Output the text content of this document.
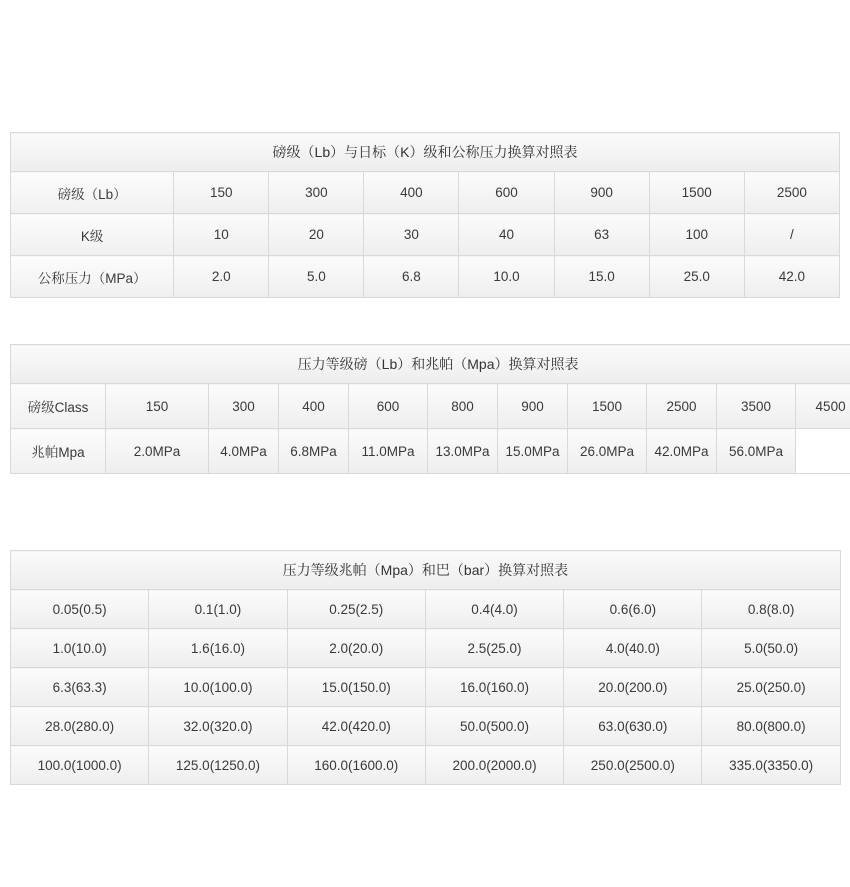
磅级（Lb）与日标（K）级和公称压力换算对照表							
磅级（Lb）	150	300	400	600	900	1500	2500
K级	10	20	30	40	63	100	/
公称压力（MPa）	2.0	5.0	6.8	10.0	15.0	25.0	42.0
压力等级磅（Lb）和兆帕（Mpa）换算对照表										
磅级Class	150	300	400	600	800	900	1500	2500	3500	4500
兆帕Mpa	2.0MPa	4.0MPa	6.8MPa	11.0MPa	13.0MPa	15.0MPa	26.0MPa	42.0MPa	56.0MPa	
压力等级兆帕（Mpa）和巴（bar）换算对照表					
0.05(0.5)	0.1(1.0)	0.25(2.5)	0.4(4.0)	0.6(6.0)	0.8(8.0)
1.0(10.0)	1.6(16.0)	2.0(20.0)	2.5(25.0)	4.0(40.0)	5.0(50.0)
6.3(63.3)	10.0(100.0)	15.0(150.0)	16.0(160.0)	20.0(200.0)	25.0(250.0)
28.0(280.0)	32.0(320.0)	42.0(420.0)	50.0(500.0)	63.0(630.0)	80.0(800.0)
100.0(1000.0)	125.0(1250.0)	160.0(1600.0)	200.0(2000.0)	250.0(2500.0)	335.0(3350.0)
